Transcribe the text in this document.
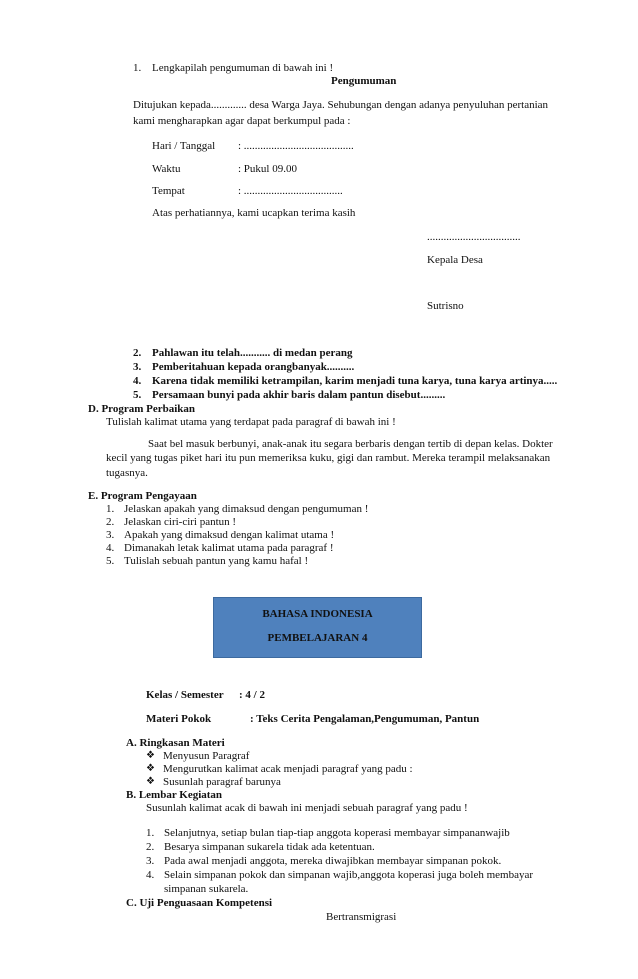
1. Lengkapilah pengumuman di bawah ini !
Pengumuman
Ditujukan kepada............. desa Warga Jaya. Sehubungan dengan adanya penyuluhan pertanian
kami mengharapkan agar dapat berkumpul pada :
Hari / Tanggal : ........................................
Waktu	: Pukul 09.00
Tempat	: ....................................
Atas perhatiannya, kami ucapkan terima kasih
..................................
Kepala Desa
Sutrisno
2. Pahlawan itu telah........... di medan perang
3. Pemberitahuan kepada orangbanyak..........
4. Karena tidak memiliki ketrampilan, karim menjadi tuna karya, tuna karya artinya.....
5. Persamaan bunyi pada akhir baris dalam pantun disebut.........
D. Program Perbaikan
Tulislah kalimat utama yang terdapat pada paragraf di bawah ini !
Saat bel masuk berbunyi, anak-anak itu segara berbaris dengan tertib di depan kelas. Dokter
kecil yang tugas piket hari itu pun memeriksa kuku, gigi dan rambut. Mereka terampil melaksanakan
tugasnya.
E. Program Pengayaan
1. Jelaskan apakah yang dimaksud dengan pengumuman !
2. Jelaskan ciri-ciri pantun !
3. Apakah yang dimaksud dengan kalimat utama !
4. Dimanakah letak kalimat utama pada paragraf !
5. Tulislah sebuah pantun yang kamu hafal !
BAHASA INDONESIA
PEMBELAJARAN 4
Kelas / Semester : 4 / 2
Materi Pokok	: Teks Cerita Pengalaman,Pengumuman, Pantun
A. Ringkasan Materi
❖ Menyusun Paragraf
❖ Mengurutkan kalimat acak menjadi paragraf yang padu :
❖ Susunlah paragraf barunya
B. Lembar Kegiatan
Susunlah kalimat acak di bawah ini menjadi sebuah paragraf yang padu !
1. Selanjutnya, setiap bulan tiap-tiap anggota koperasi membayar simpananwajib
2. Besarya simpanan sukarela tidak ada ketentuan.
3. Pada awal menjadi anggota, mereka diwajibkan membayar simpanan pokok.
4. Selain simpanan pokok dan simpanan wajib,anggota koperasi juga boleh membayar
simpanan sukarela.
C. Uji Penguasaan Kompetensi
Bertransmigrasi
